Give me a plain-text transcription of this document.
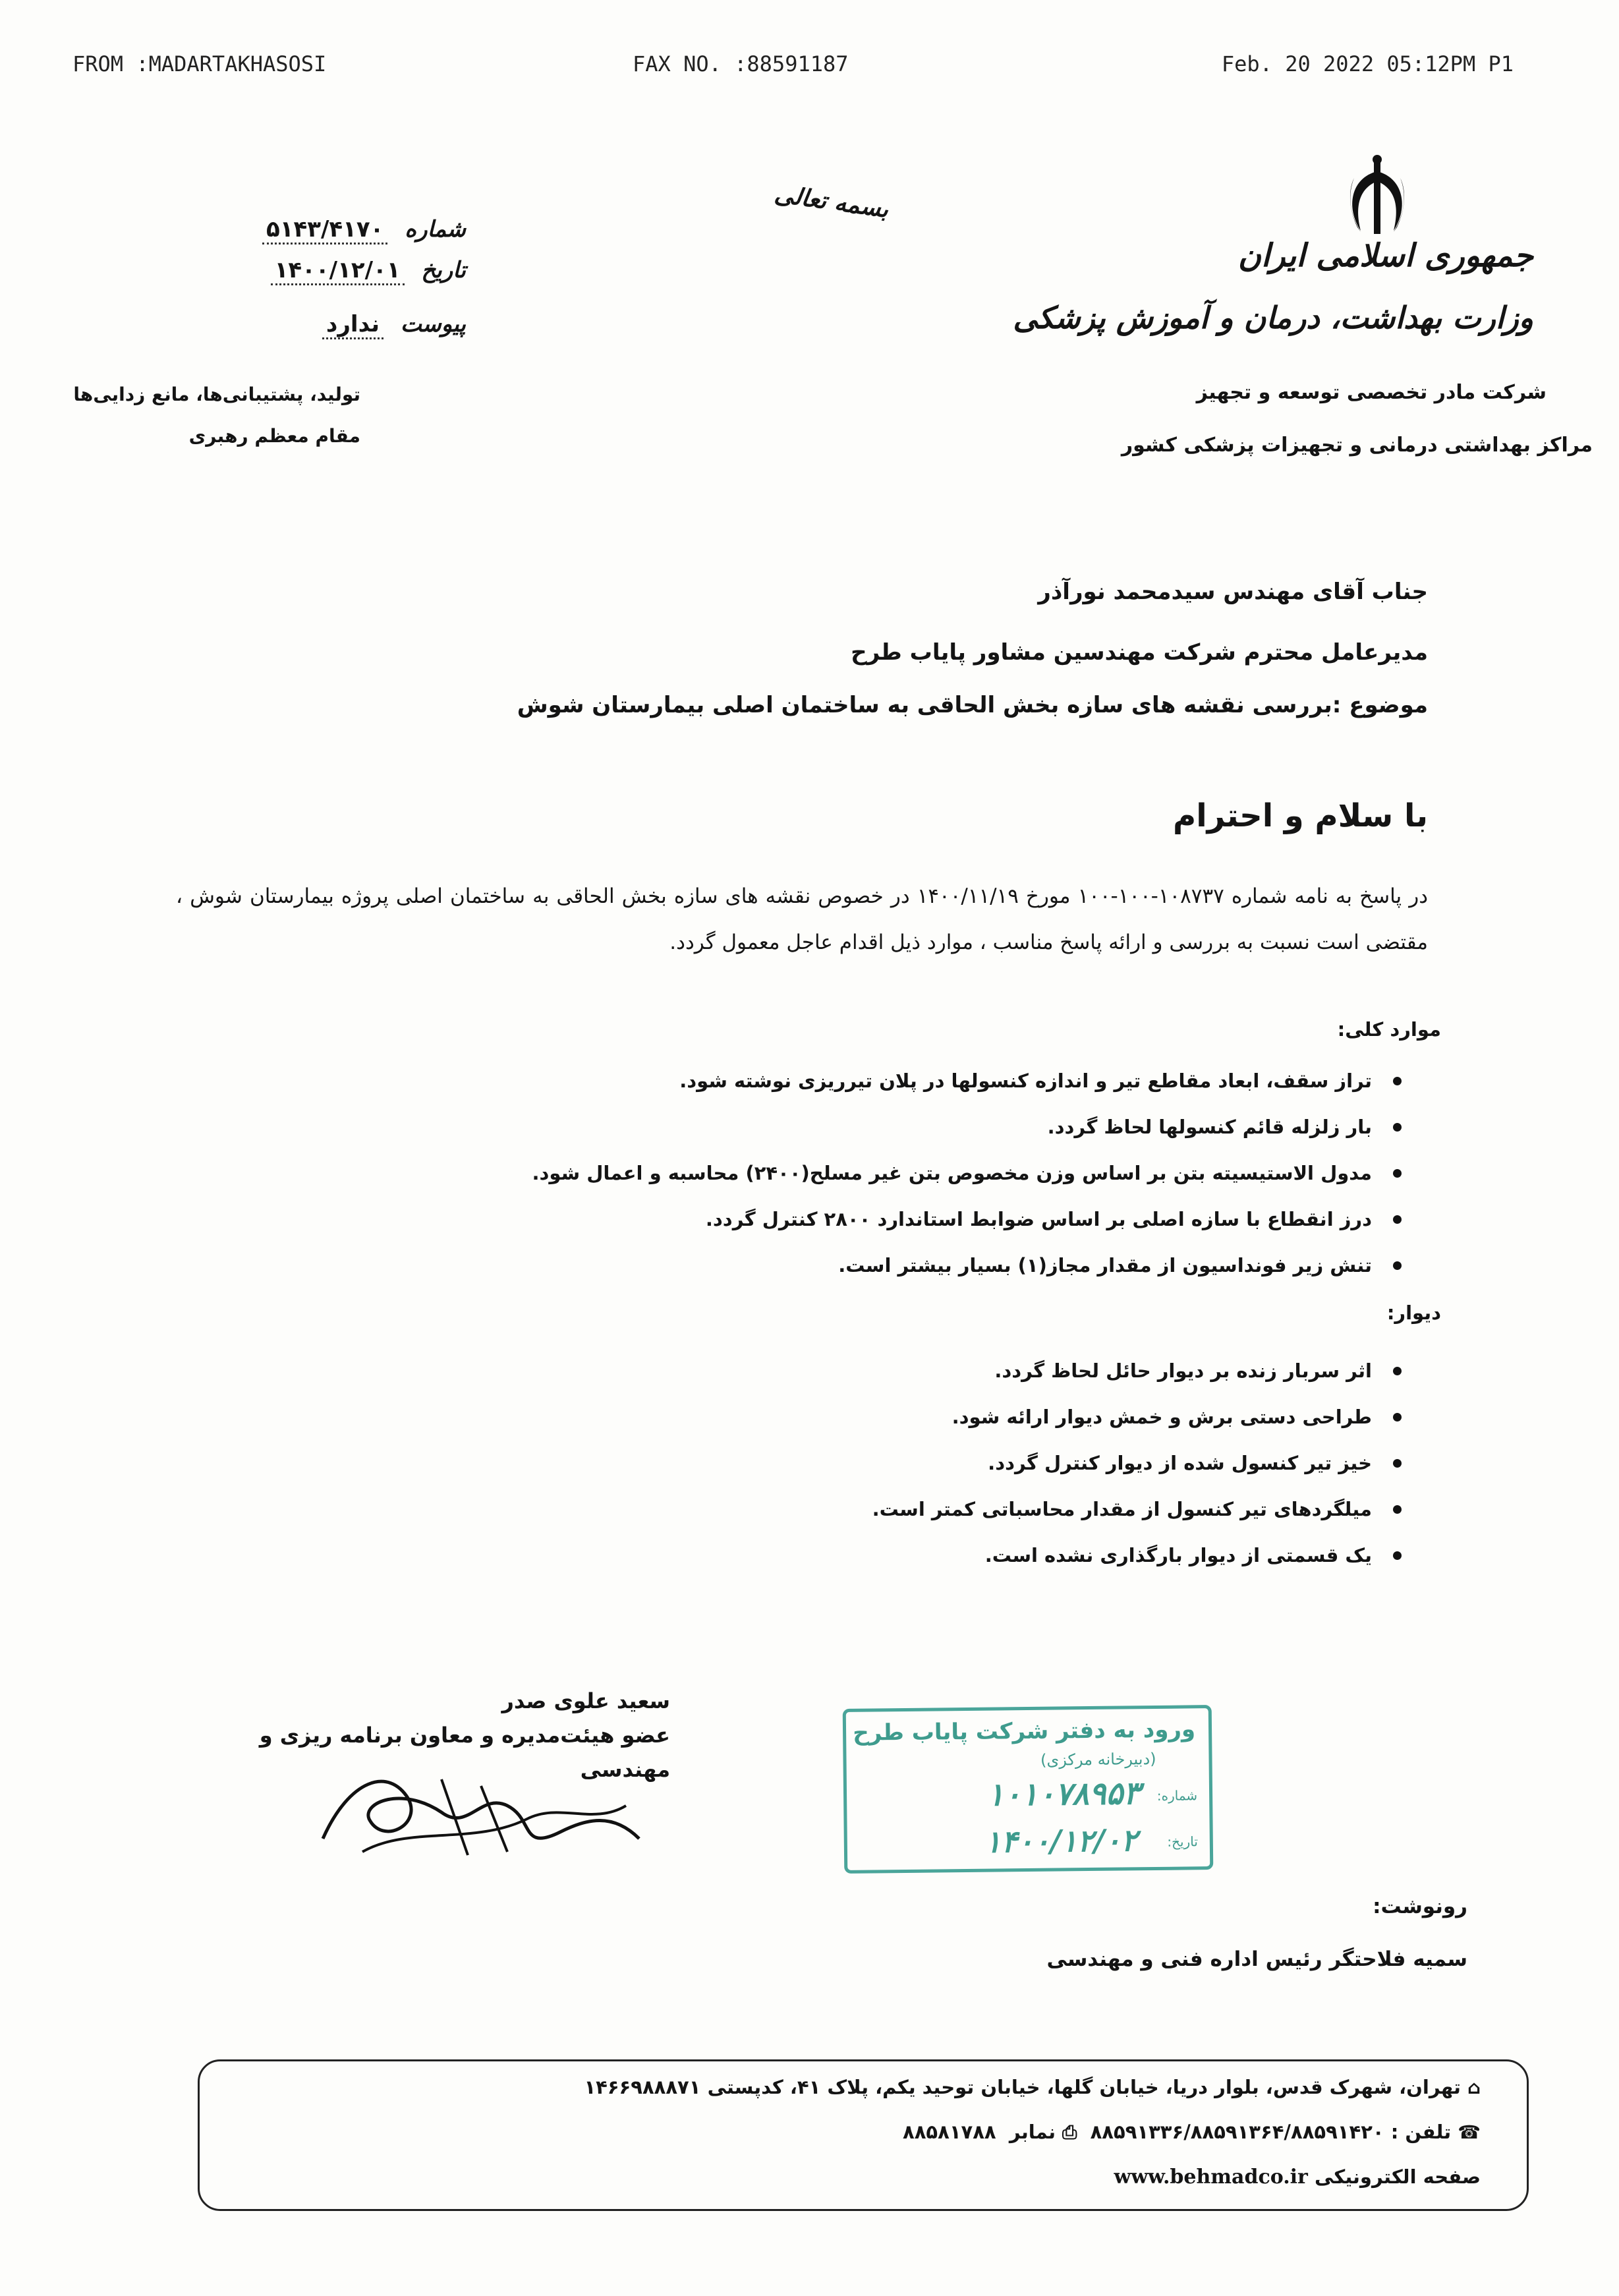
FROM :MADARTAKHASOSI	FAX NO. :88591187	Feb. 20 2022 05:12PM P1
جمهوری اسلامی ایران
وزارت بهداشت، درمان و آموزش پزشکی
شرکت مادر تخصصی توسعه و تجهیز
مراکز بهداشتی درمانی و تجهیزات پزشکی کشور
بسمه تعالی
شماره ۵۱۴۳/۴۱۷۰
تاریخ ۱۴۰۰/۱۲/۰۱
پیوست ندارد
تولید، پشتیبانی‌ها، مانع زدایی‌ها
مقام معظم رهبری
جناب آقای مهندس سیدمحمد نورآذر
مدیرعامل محترم شرکت مهندسین مشاور پایاب طرح
موضوع :بررسی نقشه های سازه بخش الحاقی به ساختمان اصلی بیمارستان شوش
با سلام و احترام
در پاسخ به نامه شماره ۱۰۸۷۳۷-۱۰۰-۱۰۰ مورخ ۱۴۰۰/۱۱/۱۹ در خصوص نقشه های سازه بخش الحاقی به ساختمان اصلی پروژه بیمارستان شوش ، مقتضی است نسبت به بررسی و ارائه پاسخ مناسب ، موارد ذیل اقدام عاجل معمول گردد.
موارد کلی:
تراز سقف، ابعاد مقاطع تیر و اندازه کنسولها در پلان تیرریزی نوشته شود.
بار زلزله قائم کنسولها لحاظ گردد.
مدول الاستیسیته بتن بر اساس وزن مخصوص بتن غیر مسلح(۲۴۰۰) محاسبه و اعمال شود.
درز انقطاع با سازه اصلی بر اساس ضوابط استاندارد ۲۸۰۰ کنترل گردد.
تنش زیر فونداسیون از مقدار مجاز(۱) بسیار بیشتر است.
دیوار:
اثر سربار زنده بر دیوار حائل لحاظ گردد.
طراحی دستی برش و خمش دیوار ارائه شود.
خیز تیر کنسول شده از دیوار کنترل گردد.
میلگردهای تیر کنسول از مقدار محاسباتی کمتر است.
یک قسمتی از دیوار بارگذاری نشده است.
سعید علوی صدر
عضو هیئت‌مدیره و معاون برنامه ریزی و
مهندسی
ورود به دفتر شرکت پایاب طرح
(دبیرخانه مرکزی)
شماره:
۱۰۱۰۷۸۹۵۳
تاریخ:
۱۴۰۰/۱۲/۰۲
رونوشت:
سمیه فلاحتگر رئیس اداره فنی و مهندسی
⌂تهران، شهرک قدس، بلوار دریا، خیابان گلها، خیابان توحید یکم، پلاک ۴۱، کدپستی ۱۴۶۶۹۸۸۸۷۱
☎تلفن : ۸۸۵۹۱۳۳۶/۸۸۵۹۱۳۶۴/۸۸۵۹۱۴۲۰  ⎙نمابر  ۸۸۵۸۱۷۸۸
صفحه الکترونیکی www.behmadco.ir
